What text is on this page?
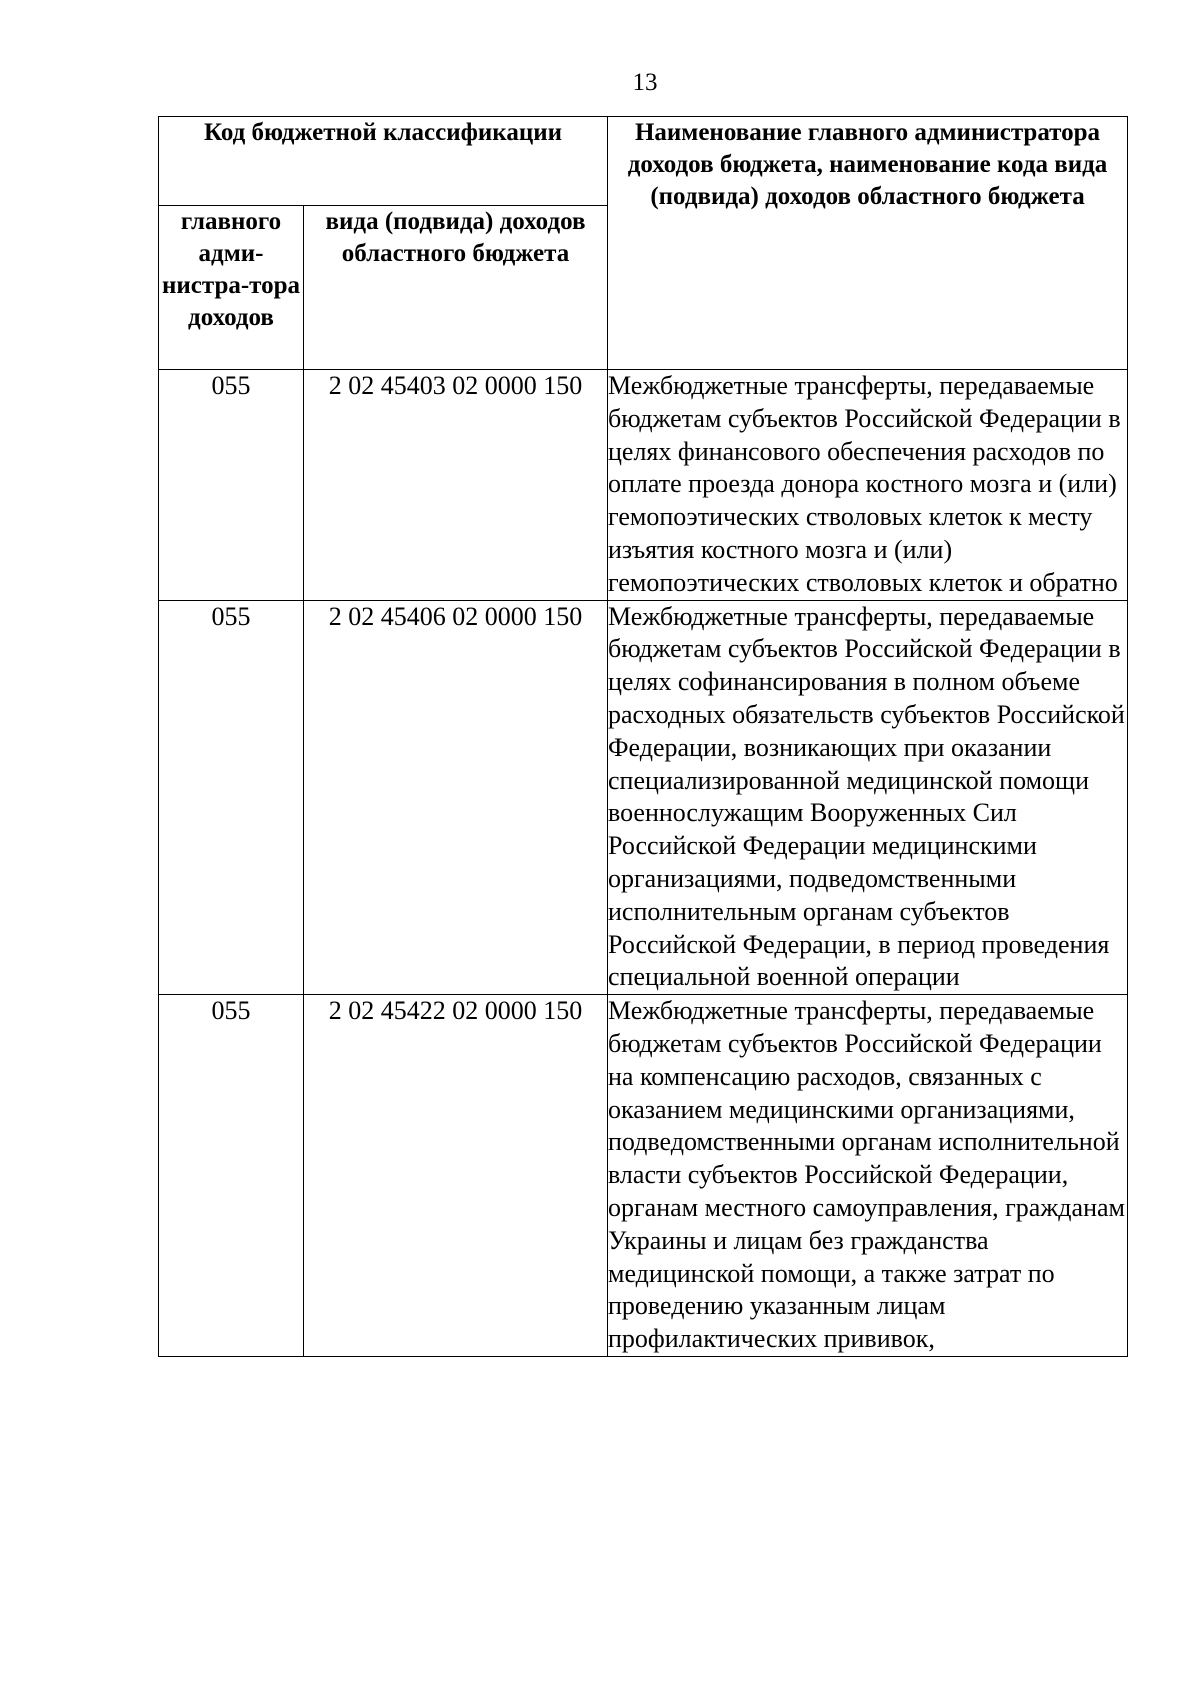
13
Код бюджетной классификации		Наименование главного администратора доходов бюджета, наименование кода вида (подвида) доходов областного бюджета
главного адми-нистра-тора доходов	вида (подвида) доходов областного бюджета	
055	2 02 45403 02 0000 150	Межбюджетные трансферты, передаваемые бюджетам субъектов Российской Федерации в целях финансового обеспечения расходов по оплате проезда донора костного мозга и (или) гемопоэтических стволовых клеток к месту изъятия костного мозга и (или) гемопоэтических стволовых клеток и обратно
055	2 02 45406 02 0000 150	Межбюджетные трансферты, передаваемые бюджетам субъектов Российской Федерации в целях софинансирования в полном объеме расходных обязательств субъектов Российской Федерации, возникающих при оказании специализированной медицинской помощи военнослужащим Вооруженных Сил Российской Федерации медицинскими организациями, подведомственными исполнительным органам субъектов Российской Федерации, в период проведения специальной военной операции
055	2 02 45422 02 0000 150	Межбюджетные трансферты, передаваемые бюджетам субъектов Российской Федерации на компенсацию расходов, связанных с оказанием медицинскими организациями, подведомственными органам исполнительной власти субъектов Российской Федерации, органам местного самоуправления, гражданам Украины и лицам без гражданства медицинской помощи, а также затрат по проведению указанным лицам профилактических прививок,
